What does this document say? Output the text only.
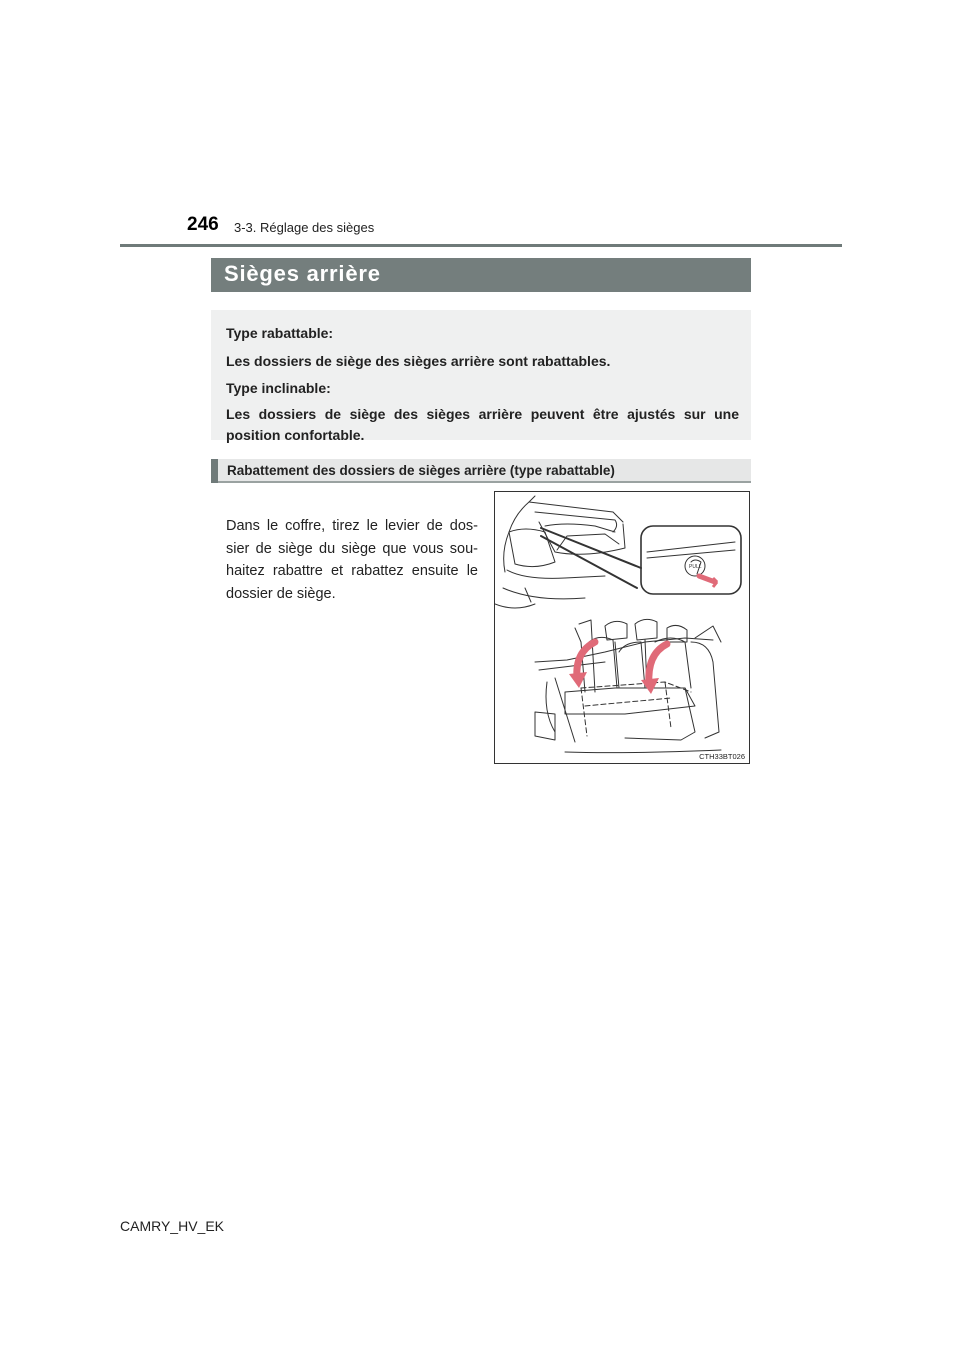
246 3-3. Réglage des sièges
Sièges arrière

Type rabattable:

Les dossiers de siège des sièges arrière sont rabattables.

Type inclinable:

Les dossiers de siège des sièges arrière peuvent être ajustés sur une

position confortable.

Rabattement des dossiers de sièges arrière (type rabattable)
Dans le coffre, tirez le levier de dos-
sier de siège du siège que vous sou-
haitez rabattre et rabattez ensuite le
dossier de siège.
PULL
CTH33BT026
CAMRY_HV_EK
